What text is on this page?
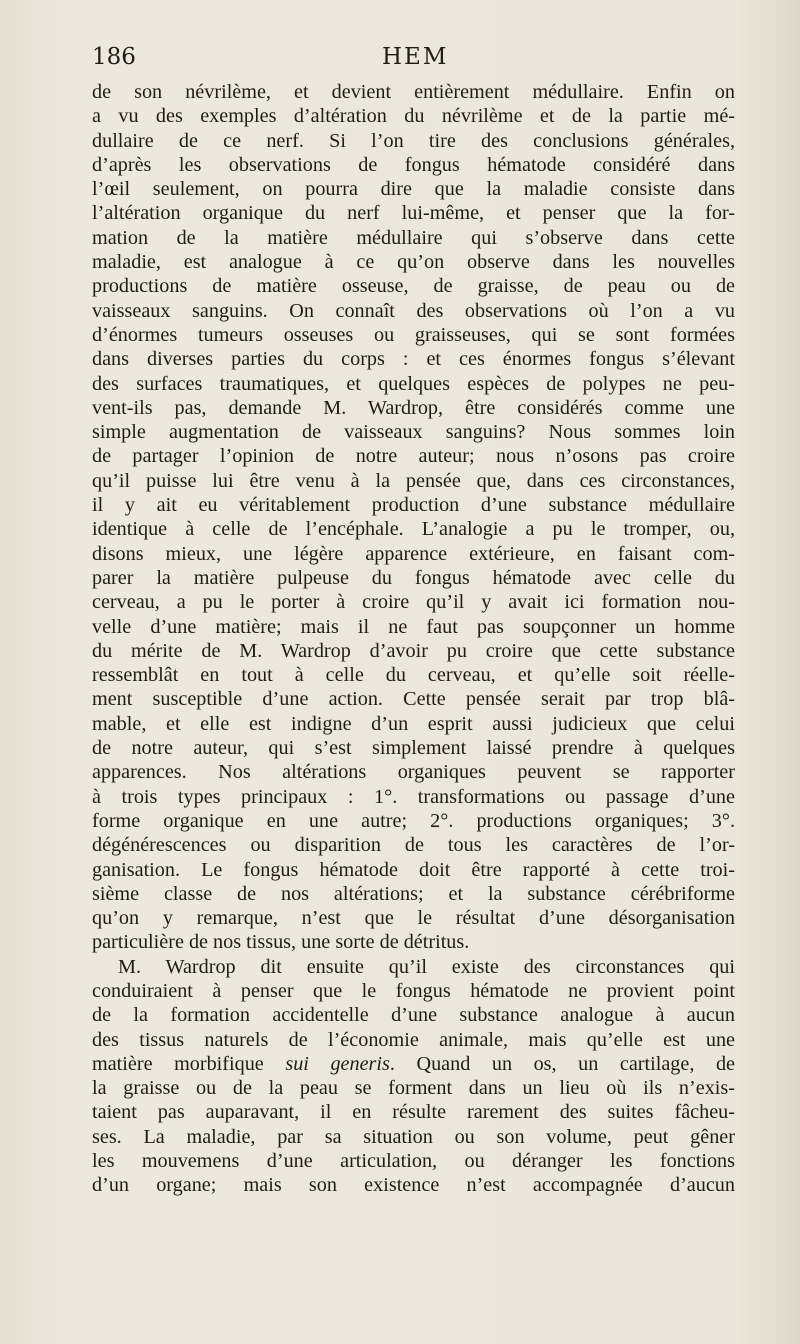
186	HEM
de son névrilème, et devient entièrement médullaire. Enfin on
a vu des exemples d’altération du névrilème et de la partie mé-
dullaire de ce nerf. Si l’on tire des conclusions générales,
d’après les observations de fongus hématode considéré dans
l’œil seulement, on pourra dire que la maladie consiste dans
l’altération organique du nerf lui-même, et penser que la for-
mation de la matière médullaire qui s’observe dans cette
maladie, est analogue à ce qu’on observe dans les nouvelles
productions de matière osseuse, de graisse, de peau ou de
vaisseaux sanguins. On connaît des observations où l’on a vu
d’énormes tumeurs osseuses ou graisseuses, qui se sont formées
dans diverses parties du corps : et ces énormes fongus s’élevant
des surfaces traumatiques, et quelques espèces de polypes ne peu-
vent-ils pas, demande M. Wardrop, être considérés comme une
simple augmentation de vaisseaux sanguins? Nous sommes loin
de partager l’opinion de notre auteur; nous n’osons pas croire
qu’il puisse lui être venu à la pensée que, dans ces circonstances,
il y ait eu véritablement production d’une substance médullaire
identique à celle de l’encéphale. L’analogie a pu le tromper, ou,
disons mieux, une légère apparence extérieure, en faisant com-
parer la matière pulpeuse du fongus hématode avec celle du
cerveau, a pu le porter à croire qu’il y avait ici formation nou-
velle d’une matière; mais il ne faut pas soupçonner un homme
du mérite de M. Wardrop d’avoir pu croire que cette substance
ressemblât en tout à celle du cerveau, et qu’elle soit réelle-
ment susceptible d’une action. Cette pensée serait par trop blâ-
mable, et elle est indigne d’un esprit aussi judicieux que celui
de notre auteur, qui s’est simplement laissé prendre à quelques
apparences. Nos altérations organiques peuvent se rapporter
à trois types principaux : 1°. transformations ou passage d’une
forme organique en une autre; 2°. productions organiques; 3°.
dégénérescences ou disparition de tous les caractères de l’or-
ganisation. Le fongus hématode doit être rapporté à cette troi-
sième classe de nos altérations; et la substance cérébriforme
qu’on y remarque, n’est que le résultat d’une désorganisation
particulière de nos tissus, une sorte de détritus.
M. Wardrop dit ensuite qu’il existe des circonstances qui
conduiraient à penser que le fongus hématode ne provient point
de la formation accidentelle d’une substance analogue à aucun
des tissus naturels de l’économie animale, mais qu’elle est une
matière morbifique sui generis. Quand un os, un cartilage, de
la graisse ou de la peau se forment dans un lieu où ils n’exis-
taient pas auparavant, il en résulte rarement des suites fâcheu-
ses. La maladie, par sa situation ou son volume, peut gêner
les mouvemens d’une articulation, ou déranger les fonctions
d’un organe; mais son existence n’est accompagnée d’aucun
